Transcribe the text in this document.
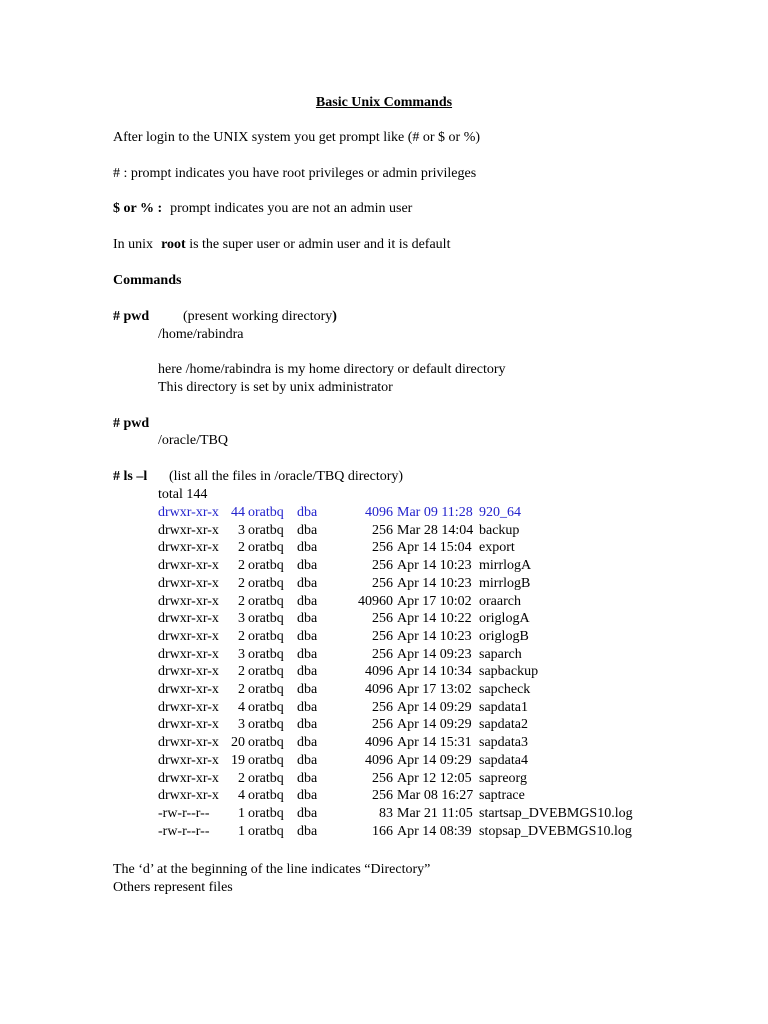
Basic Unix Commands
After login to the UNIX system you get prompt like (# or $ or %)
# : prompt indicates you have root privileges or admin privileges
$ or % : prompt indicates you are not an admin user
In unix root is the super user or admin user and it is default
Commands
# pwd (present working directory)
/home/rabindra
here /home/rabindra is my home directory or default directory
This directory is set by unix administrator
# pwd
/oracle/TBQ
# ls –l (list all the files in /oracle/TBQ directory)
total 144
drwxr-xr-x 44 oratbq dba	4096 Mar 09 11:28 920_64
drwxr-xr-x 3 oratbq dba	256 Mar 28 14:04 backup
drwxr-xr-x 2 oratbq dba	256 Apr 14 15:04 export
drwxr-xr-x 2 oratbq dba	256 Apr 14 10:23 mirrlogA
drwxr-xr-x 2 oratbq dba	256 Apr 14 10:23 mirrlogB
drwxr-xr-x 2 oratbq dba	40960 Apr 17 10:02 oraarch
drwxr-xr-x 3 oratbq dba	256 Apr 14 10:22 origlogA
drwxr-xr-x 2 oratbq dba	256 Apr 14 10:23 origlogB
drwxr-xr-x 3 oratbq dba	256 Apr 14 09:23 saparch
drwxr-xr-x 2 oratbq dba	4096 Apr 14 10:34 sapbackup
drwxr-xr-x 2 oratbq dba	4096 Apr 17 13:02 sapcheck
drwxr-xr-x 4 oratbq dba	256 Apr 14 09:29 sapdata1
drwxr-xr-x 3 oratbq dba	256 Apr 14 09:29 sapdata2
drwxr-xr-x 20 oratbq dba	4096 Apr 14 15:31 sapdata3
drwxr-xr-x 19 oratbq dba	4096 Apr 14 09:29 sapdata4
drwxr-xr-x 2 oratbq dba	256 Apr 12 12:05 sapreorg
drwxr-xr-x 4 oratbq dba	256 Mar 08 16:27 saptrace
-rw-r--r-- 1 oratbq dba	83 Mar 21 11:05 startsap_DVEBMGS10.log
-rw-r--r-- 1 oratbq dba	166 Apr 14 08:39 stopsap_DVEBMGS10.log
The ‘d’ at the beginning of the line indicates “Directory”
Others represent files
